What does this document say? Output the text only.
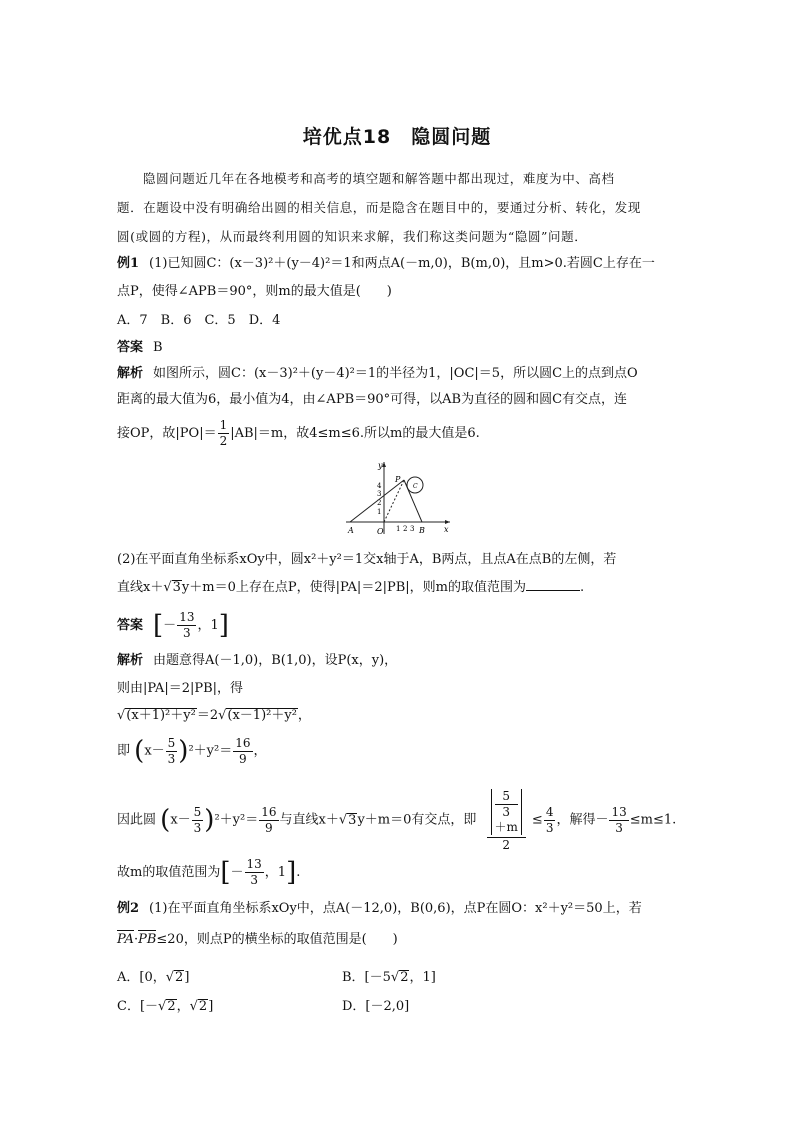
培优点18　隐圆问题
隐圆问题近几年在各地模考和高考的填空题和解答题中都出现过，难度为中、高档
题．在题设中没有明确给出圆的相关信息，而是隐含在题目中的，要通过分析、转化，发现
圆(或圆的方程)，从而最终利用圆的知识来求解，我们称这类问题为“隐圆”问题．
例1 (1)已知圆C：(x－3)²＋(y－4)²＝1和两点A(－m,0)，B(m,0)，且m>0.若圆C上存在一
点P，使得∠APB＝90°，则m的最大值是(　　)
A．7　B．6　C．5　D．4
答案 B
解析 如图所示，圆C：(x－3)²＋(y－4)²＝1的半径为1，|OC|＝5，所以圆C上的点到点O
距离的最大值为6，最小值为4，由∠APB＝90°可得，以AB为直径的圆和圆C有交点，连
接OP，故$|PO|= \frac{1}{2} |AB|=m$，故4≤m≤6.所以m的最大值是6.
y
x
4
3
2
1
1 2 3
A	B
O
P
C
(2)在平面直角坐标系xOy中，圆x²＋y²＝1交x轴于A，B两点，且点A在点B的左侧，若
直线x＋√3y＋m＝0上存在点P，使得|PA|＝2|PB|，则m的取值范围为	.
答案 [－ $\frac{13}{3}$ ，1]
解析 由题意得A(－1,0)，B(1,0)，设P(x，y)，
则由|PA|＝2|PB|，得
√(x＋1)²＋y²＝2√(x－1)²＋y²，
即 $(x- \frac{5}{3} )^2+y^2= \frac{16}{9}$ ，
因此圆 $(x- \frac{5}{3} )^2+y^2= \frac{16}{9}$ 与直线x＋√3y＋m＝0有交点，即 5
3
＋m
$2 \le \frac{4}{3}$ ，解得－ $\frac{13}{3} \le m\le 1$.
故m的取值范围为[－ $\frac{13}{3}$ ，1].
例2 (1)在平面直角坐标系xOy中，点A(－12,0)，B(0,6)，点P在圆O：x²＋y²＝50上，若
PA·PB≤20，则点P的横坐标的取值范围是(　　)
A．[0，√2]	B．[－5√2，1]
C．[－√2，√2]	D．[－2,0]
